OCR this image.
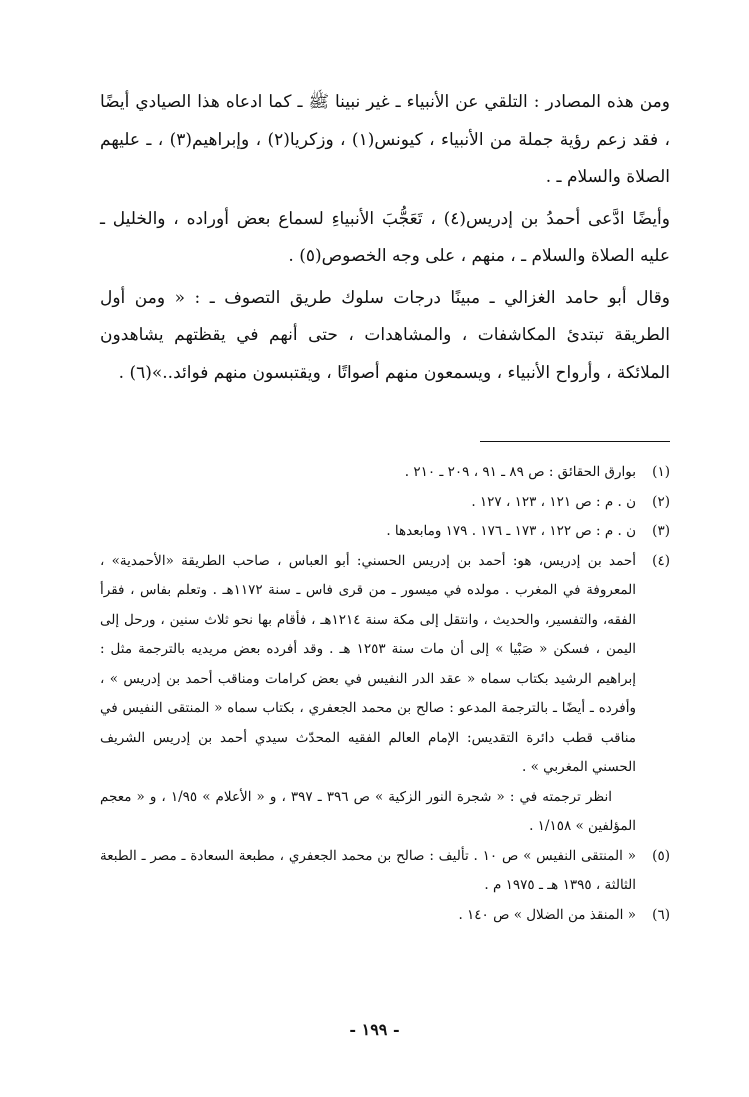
ومن هذه المصادر : التلقي عن الأنبياء ـ غير نبينا ﷺ ـ كما ادعاه هذا الصيادي أيضًا ، فقد زعم رؤية جملة من الأنبياء ، كيونس(١) ، وزكريا(٢) ، وإبراهيم(٣) ، ـ عليهم الصلاة والسلام ـ .

وأيضًا ادَّعى أحمدُ بن إدريس(٤) ، تَعَجُّبَ الأنبياءِ لسماع بعض أوراده ، والخليل ـ عليه الصلاة والسلام ـ ، منهم ، على وجه الخصوص(٥) .

وقال أبو حامد الغزالي ـ مبينًا درجات سلوك طريق التصوف ـ : « ومن أول الطريقة تبتدئ المكاشفات ، والمشاهدات ، حتى أنهم في يقظتهم يشاهدون الملائكة ، وأرواح الأنبياء ، ويسمعون منهم أصواتًا ، ويقتبسون منهم فوائد..»(٦) .

(١)

بوارق الحقائق : ص ٨٩ ـ ٩١ ، ٢٠٩ ـ ٢١٠ .

(٢)

ن . م : ص ١٢١ ، ١٢٣ ، ١٢٧ .

(٣)

ن . م : ص ١٢٢ ، ١٧٣ ـ ١٧٦ . ١٧٩ ومابعدها .

(٤)

أحمد بن إدريس، هو: أحمد بن إدريس الحسني: أبو العباس ، صاحب الطريقة «الأحمدية» ، المعروفة في المغرب . مولده في ميسور ـ من قرى فاس ـ سنة ١١٧٢هـ . وتعلم بفاس ، فقرأ الفقه، والتفسير، والحديث ، وانتقل إلى مكة سنة ١٢١٤هـ ، فأقام بها نحو ثلاث سنين ، ورحل إلى اليمن ، فسكن « صَبْيا » إلى أن مات سنة ١٢٥٣ هـ . وقد أفرده بعض مريديه بالترجمة مثل : إبراهيم الرشيد بكتاب سماه « عقد الدر النفيس في بعض كرامات ومناقب أحمد بن إدريس » ، وأفرده ـ أيضًا ـ بالترجمة المدعو : صالح بن محمد الجعفري ، بكتاب سماه « المنتقى النفيس في مناقب قطب دائرة التقديس: الإمام العالم الفقيه المحدّث سيدي أحمد بن إدريس الشريف الحسني المغربي » .

انظر ترجمته في : « شجرة النور الزكية » ص ٣٩٦ ـ ٣٩٧ ، و « الأعلام » ١/٩٥ ، و « معجم المؤلفين » ١/١٥٨ .

(٥)

« المنتقى النفيس » ص ١٠ . تأليف : صالح بن محمد الجعفري ، مطبعة السعادة ـ مصر ـ الطبعة الثالثة ، ١٣٩٥ هـ ـ ١٩٧٥ م .

(٦)

« المنقذ من الضلال » ص ١٤٠ .

- ١٩٩ -
